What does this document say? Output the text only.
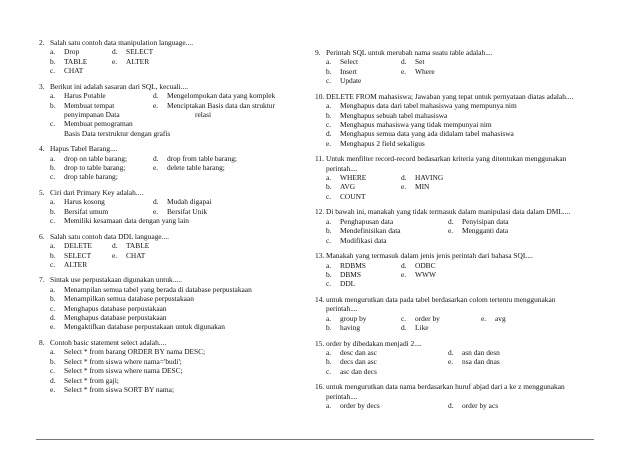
2. Salah satu contoh data manipulation language....
a.	Drop	d.	SELECT
b.	TABLE	e.	ALTER
c.	CHAT
3. Berikut ini adalah sasaran dari SQL, kecuali....
a.	Harus Potable	d.	Mengelompokan data yang komplek
b.	Membuat tempat	e.	Menciptakan Basis data dan struktur
penyimpanan Data	relasi
c.	Membuat pemograman
Basis Data terstruktur dengan grafis
4. Hapus Tabel Barang....
a.	drop on table barang;	d.	drop from table barang;
b.	drop to table barang;	e.	delete table barang;
c.	drop table barang;
5. Ciri dari Primary Key adalah....
a.	Harus kosong	d.	Mudah digapai
b.	Bersifat umum	e.	Bersifat Unik
c.	Memiliki kesamaan data dengan yang lain
6. Salah satu contoh data DDL language....
a.	DELETE	d.	TABLE
b.	SELECT	e.	CHAT
c.	ALTER
7. Sintak use perpustakaan digunakan untuk.....
a.	Menampilan semua tabel yang berada di database perpustakaan
b.	Menampilkan semua database perpustakaan
c.	Menghapus database perpustakaan
d.	Menghapus database perpustakaan
e.	Mengaktifkan database perpustakaan untuk digunakan
8. Contoh basic statement select adalah....
a.	Select * from barang ORDER BY nama DESC;
b.	Select * from siswa where nama='budi';
c.	Select * from siswa where nama DESC;
d.	Select * from gaji;
e.	Select * from siswa SORT BY nama;
9. Perintah SQL untuk merubah nama suatu table adalah....
a.	Select	d.	Set
b.	Insert	e.	Where
c.	Update
10. DELETE FROM mahasiswa; Jawaban yang tepat untuk pernyataan diatas adalah....
a.	Menghapus data dari tabel mahasiswa yang mempunya nim
b.	Menghapus sebuah tabel mahasiswa
c.	Menghapus mahasiswa yang tidak mempunyai nim
d.	Menghapus semua data yang ada didalam tabel mahasiswa
e.	Menghapus 2 field sekaligus
11. Untuk menfilter record-record bedasarkan kriteria yang ditentukan menggunakan
perintah....
a.	WHERE	d.	HAVING
b.	AVG	e.	MIN
c.	COUNT
12. Di bawah ini, manakah yang tidak termasuk dalam manipulasi data dalam DML....
a.	Penghapusan data	d.	Penyisipan data
b.	Mendefinisikan data	e.	Mengganti data
c.	Modifikasi data
13. Manakah yang termasuk dalam jenis jenis perintah dari bahasa SQL...
a.	RDBMS	d.	ODBC
b.	DBMS	e.	WWW
c.	DDL
14. untuk mengurutkan data pada tabel berdasarkan colom tertentu menggunakan
perintah....
a.	group by	c.	order by	e.	avg
b.	having	d.	Like
15. order by dibedakan menjadi 2....
a.	desc dan asc	d.	asn dan desn
b.	decs dan asc	e.	nsa dan dnas
c.	asc dan decs
16. untuk mengurutkan data nama berdasarkan huruf abjad dari a ke z menggunakan
perintah....
a.	order by decs	d.	order by acs
